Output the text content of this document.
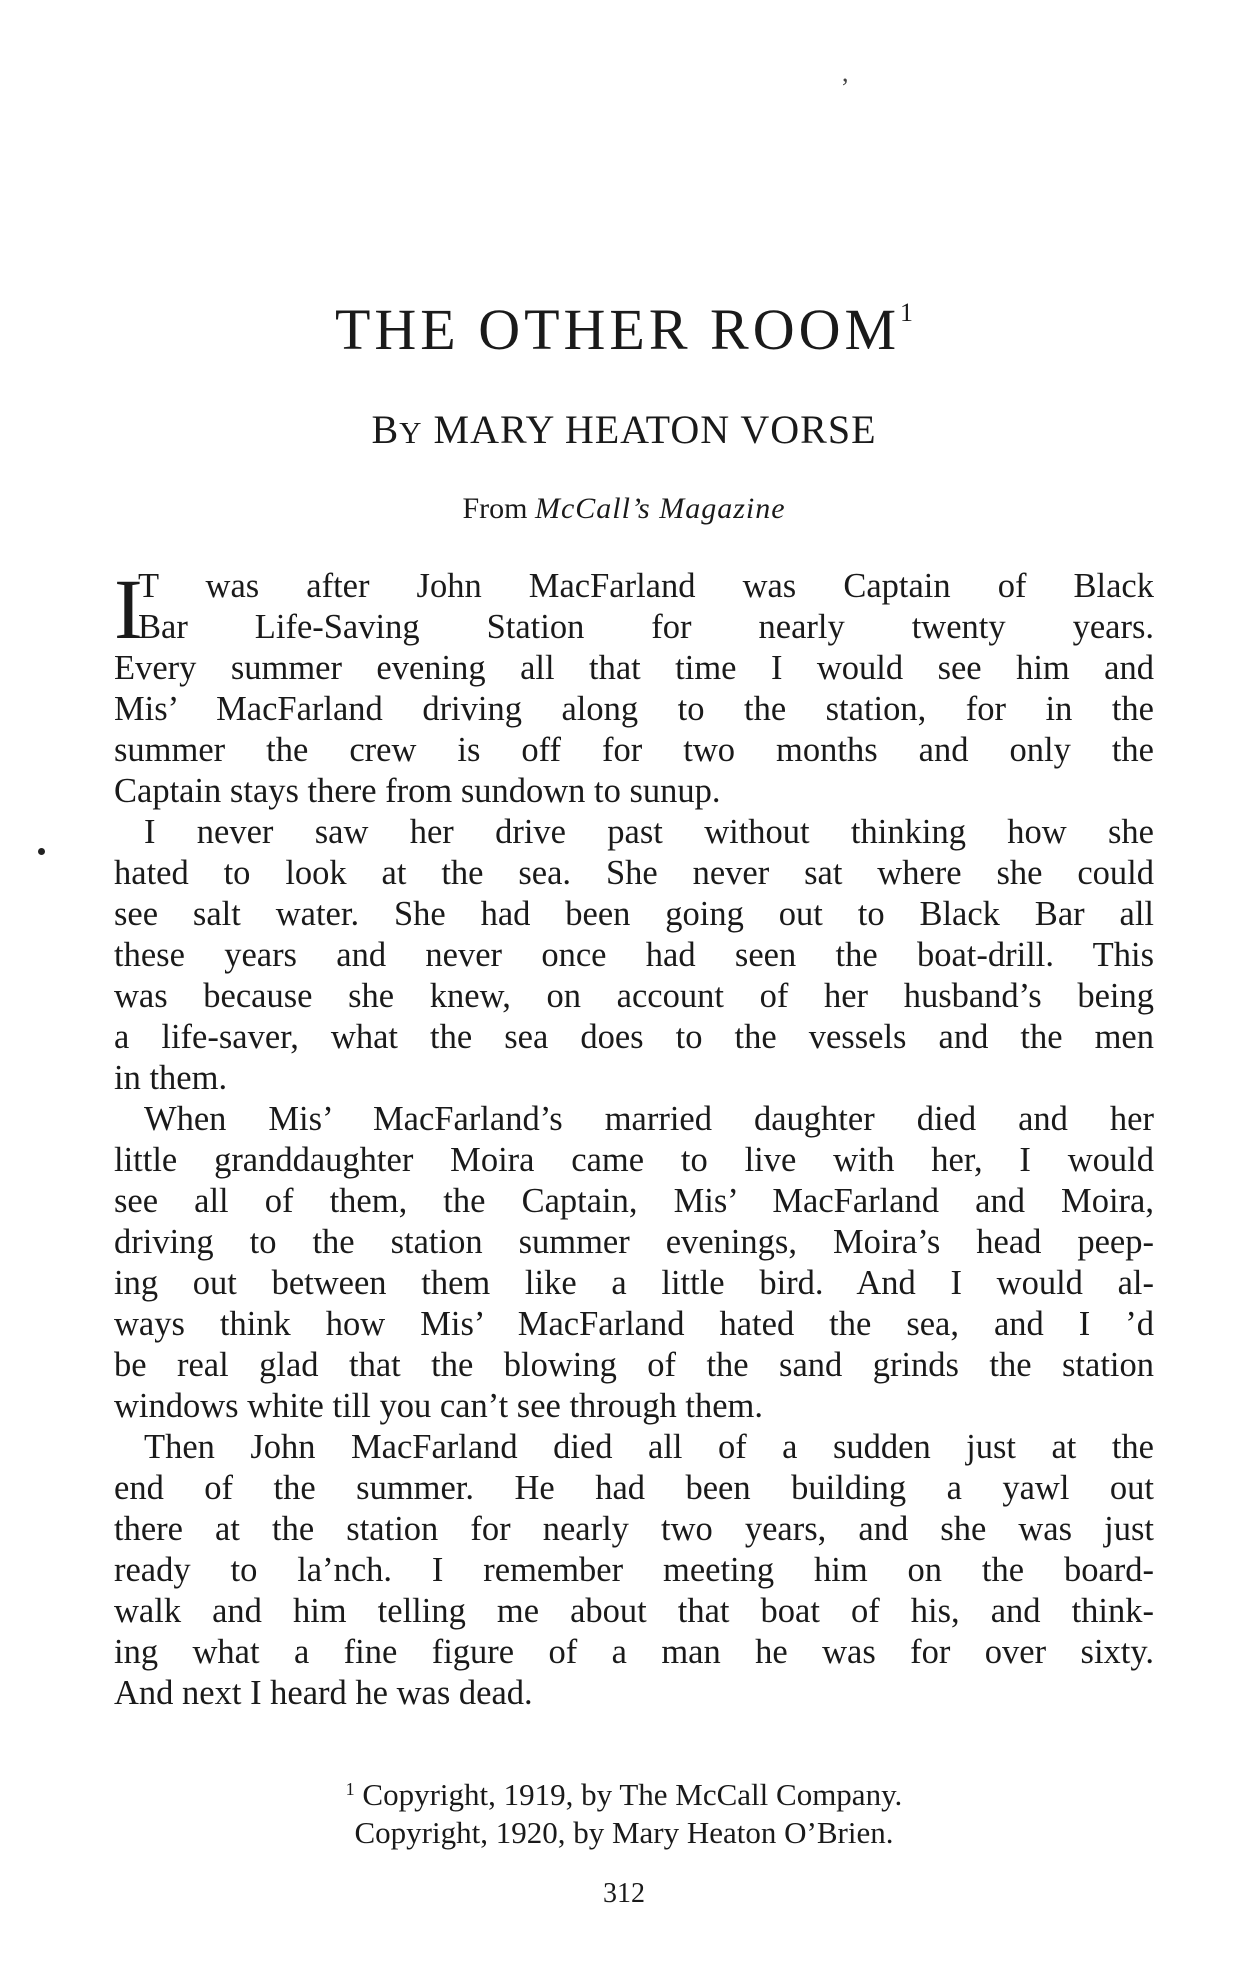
,
THE OTHER ROOM$^1$
BY MARY HEATON VORSE
From McCall’s Magazine
I
T was after John MacFarland was Captain of Black
Bar Life-Saving Station for nearly twenty years.
Every summer evening all that time I would see him and
Mis’ MacFarland driving along to the station, for in the
summer the crew is off for two months and only the
Captain stays there from sundown to sunup.
I never saw her drive past without thinking how she
hated to look at the sea. She never sat where she could
see salt water. She had been going out to Black Bar all
these years and never once had seen the boat-drill. This
was because she knew, on account of her husband’s being
a life-saver, what the sea does to the vessels and the men
in them.
When Mis’ MacFarland’s married daughter died and her
little granddaughter Moira came to live with her, I would
see all of them, the Captain, Mis’ MacFarland and Moira,
driving to the station summer evenings, Moira’s head peep-
ing out between them like a little bird. And I would al-
ways think how Mis’ MacFarland hated the sea, and I ’d
be real glad that the blowing of the sand grinds the station
windows white till you can’t see through them.
Then John MacFarland died all of a sudden just at the
end of the summer. He had been building a yawl out
there at the station for nearly two years, and she was just
ready to la’nch. I remember meeting him on the board-
walk and him telling me about that boat of his, and think-
ing what a fine figure of a man he was for over sixty.
And next I heard he was dead.
$^1$ Copyright, 1919, by The McCall Company.
Copyright, 1920, by Mary Heaton O’Brien.
312
